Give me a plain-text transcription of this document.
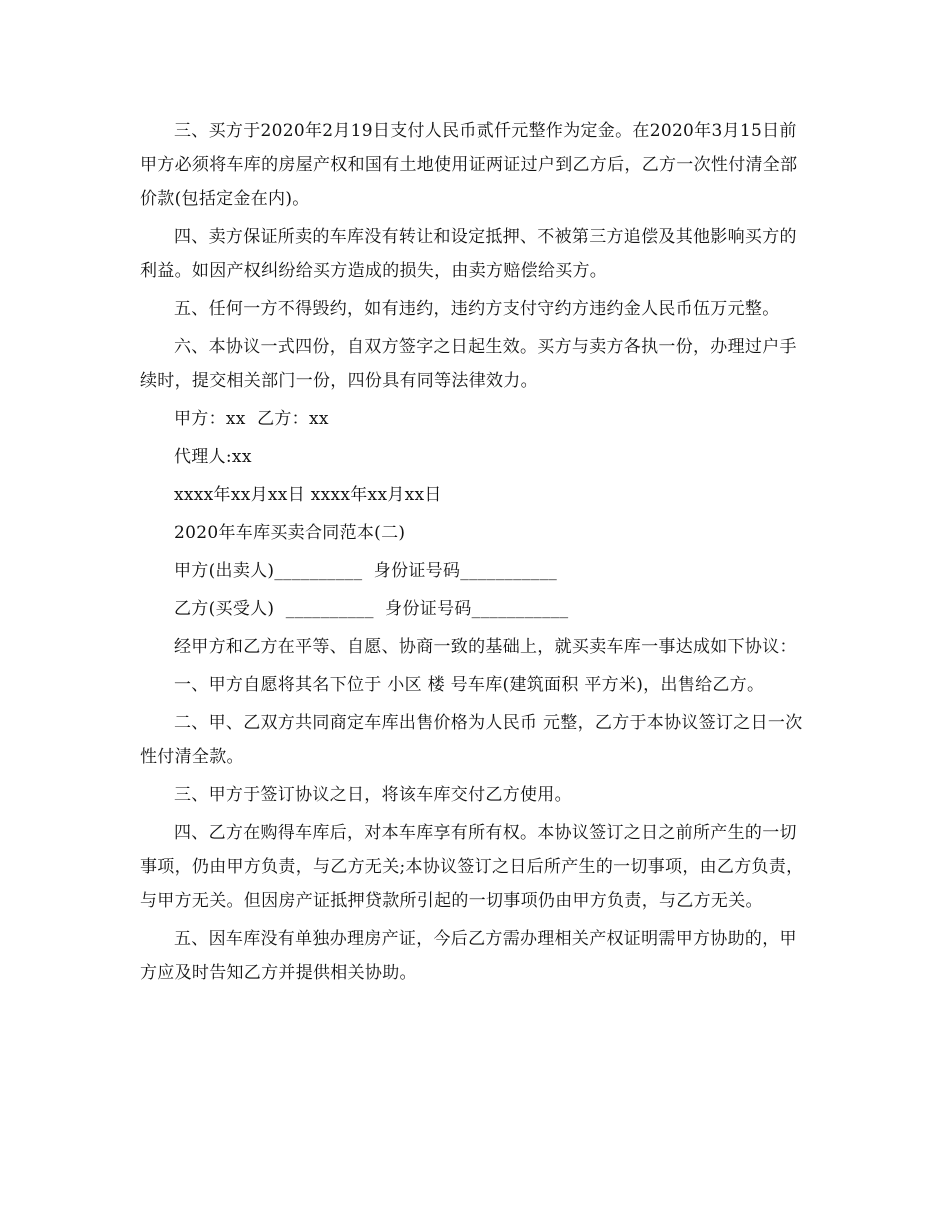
三、买方于2020年2月19日支付人民币贰仟元整作为定金。在2020年3月15日前甲方必须将车库的房屋产权和国有土地使用证两证过户到乙方后，乙方一次性付清全部价款(包括定金在内)。

四、卖方保证所卖的车库没有转让和设定抵押、不被第三方追偿及其他影响买方的利益。如因产权纠纷给买方造成的损失，由卖方赔偿给买方。

五、任何一方不得毁约，如有违约，违约方支付守约方违约金人民币伍万元整。

六、本协议一式四份，自双方签字之日起生效。买方与卖方各执一份，办理过户手续时，提交相关部门一份，四份具有同等法律效力。

甲方：xx  乙方：xx

代理人:xx

xxxx年xx月xx日 xxxx年xx月xx日

2020年车库买卖合同范本(二)

甲方(出卖人)__________  身份证号码___________

乙方(买受人)  __________  身份证号码___________

经甲方和乙方在平等、自愿、协商一致的基础上，就买卖车库一事达成如下协议：

一、甲方自愿将其名下位于 小区 楼 号车库(建筑面积 平方米)，出售给乙方。

二、甲、乙双方共同商定车库出售价格为人民币 元整，乙方于本协议签订之日一次性付清全款。

三、甲方于签订协议之日，将该车库交付乙方使用。

四、乙方在购得车库后，对本车库享有所有权。本协议签订之日之前所产生的一切事项，仍由甲方负责，与乙方无关;本协议签订之日后所产生的一切事项，由乙方负责，与甲方无关。但因房产证抵押贷款所引起的一切事项仍由甲方负责，与乙方无关。

五、因车库没有单独办理房产证，今后乙方需办理相关产权证明需甲方协助的，甲方应及时告知乙方并提供相关协助。
